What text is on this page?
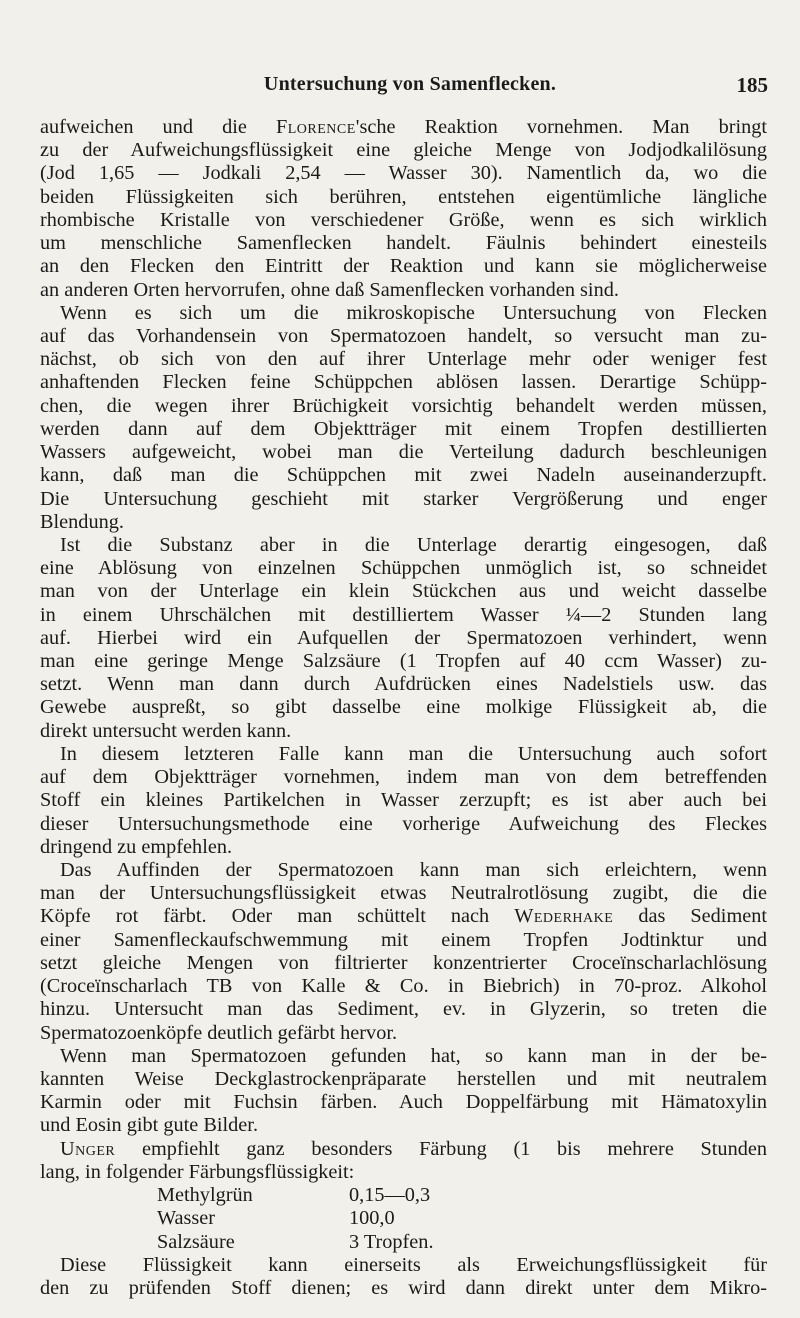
Untersuchung von Samenflecken.	185
aufweichen und die Florence'sche Reaktion vornehmen. Man bringt
zu der Aufweichungsflüssigkeit eine gleiche Menge von Jodjodkalilösung
(Jod 1,65 — Jodkali 2,54 — Wasser 30). Namentlich da, wo die
beiden Flüssigkeiten sich berühren, entstehen eigentümliche längliche
rhombische Kristalle von verschiedener Größe, wenn es sich wirklich
um menschliche Samenflecken handelt. Fäulnis behindert einesteils
an den Flecken den Eintritt der Reaktion und kann sie möglicherweise
an anderen Orten hervorrufen, ohne daß Samenflecken vorhanden sind.
Wenn es sich um die mikroskopische Untersuchung von Flecken
auf das Vorhandensein von Spermatozoen handelt, so versucht man zu-
nächst, ob sich von den auf ihrer Unterlage mehr oder weniger fest
anhaftenden Flecken feine Schüppchen ablösen lassen. Derartige Schüpp-
chen, die wegen ihrer Brüchigkeit vorsichtig behandelt werden müssen,
werden dann auf dem Objektträger mit einem Tropfen destillierten
Wassers aufgeweicht, wobei man die Verteilung dadurch beschleunigen
kann, daß man die Schüppchen mit zwei Nadeln auseinanderzupft.
Die Untersuchung geschieht mit starker Vergrößerung und enger
Blendung.
Ist die Substanz aber in die Unterlage derartig eingesogen, daß
eine Ablösung von einzelnen Schüppchen unmöglich ist, so schneidet
man von der Unterlage ein klein Stückchen aus und weicht dasselbe
in einem Uhrschälchen mit destilliertem Wasser ¼—2 Stunden lang
auf. Hierbei wird ein Aufquellen der Spermatozoen verhindert, wenn
man eine geringe Menge Salzsäure (1 Tropfen auf 40 ccm Wasser) zu-
setzt. Wenn man dann durch Aufdrücken eines Nadelstiels usw. das
Gewebe auspreßt, so gibt dasselbe eine molkige Flüssigkeit ab, die
direkt untersucht werden kann.
In diesem letzteren Falle kann man die Untersuchung auch sofort
auf dem Objektträger vornehmen, indem man von dem betreffenden
Stoff ein kleines Partikelchen in Wasser zerzupft; es ist aber auch bei
dieser Untersuchungsmethode eine vorherige Aufweichung des Fleckes
dringend zu empfehlen.
Das Auffinden der Spermatozoen kann man sich erleichtern, wenn
man der Untersuchungsflüssigkeit etwas Neutralrotlösung zugibt, die die
Köpfe rot färbt. Oder man schüttelt nach Wederhake das Sediment
einer Samenfleckaufschwemmung mit einem Tropfen Jodtinktur und
setzt gleiche Mengen von filtrierter konzentrierter Croceïnscharlachlösung
(Croceïnscharlach TB von Kalle & Co. in Biebrich) in 70-proz. Alkohol
hinzu. Untersucht man das Sediment, ev. in Glyzerin, so treten die
Spermatozoenköpfe deutlich gefärbt hervor.
Wenn man Spermatozoen gefunden hat, so kann man in der be-
kannten Weise Deckglastrockenpräparate herstellen und mit neutralem
Karmin oder mit Fuchsin färben. Auch Doppelfärbung mit Hämatoxylin
und Eosin gibt gute Bilder.
Unger empfiehlt ganz besonders Färbung (1 bis mehrere Stunden
lang, in folgender Färbungsflüssigkeit:
Methylgrün	0,15—0,3
Wasser	100,0
Salzsäure	3 Tropfen.
Diese Flüssigkeit kann einerseits als Erweichungsflüssigkeit für
den zu prüfenden Stoff dienen; es wird dann direkt unter dem Mikro-
